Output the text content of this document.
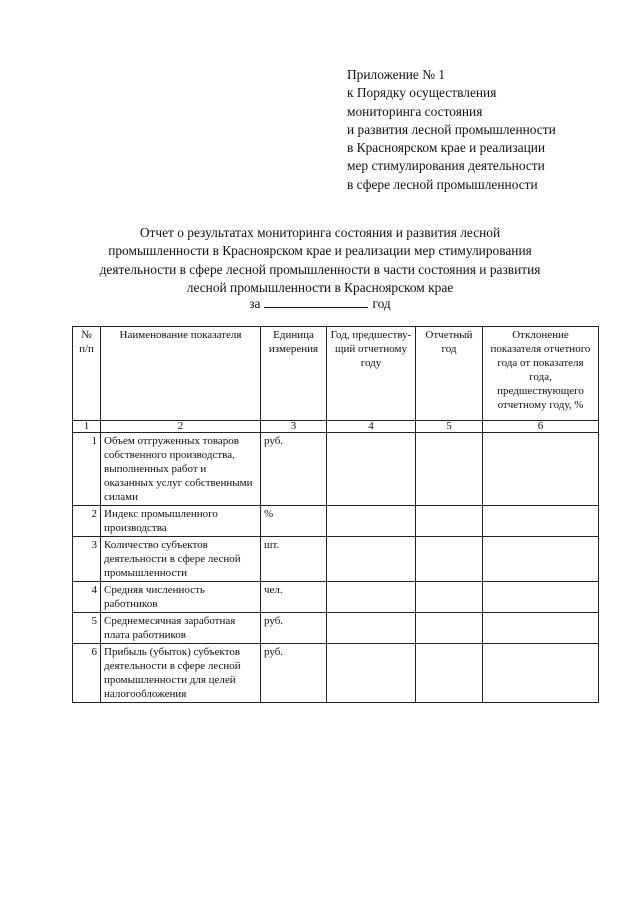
Приложение № 1
к Порядку осуществления
мониторинга состояния
и развития лесной промышленности
в Красноярском крае и реализации
мер стимулирования деятельности
в сфере лесной промышленности
Отчет о результатах мониторинга состояния и развития лесной
промышленности в Красноярском крае и реализации мер стимулирования
деятельности в сфере лесной промышленности в части состояния и развития
лесной промышленности в Красноярском крае
за	год
№ п/п	Наименование показателя	Единица измерения	Год, предшеству-щий отчетному году	Отчетный год	Отклонение показателя отчетного года от показателя года, предшествующего отчетному году, %
1	2	3	4	5	6
1	Объем отгруженных товаров собственного производства, выполненных работ и оказанных услуг собственными силами	руб.			
2	Индекс промышленного производства	%			
3	Количество субъектов деятельности в сфере лесной промышленности	шт.			
4	Средняя численность работников	чел.			
5	Среднемесячная заработная плата работников	руб.			
6	Прибыль (убыток) субъектов деятельности в сфере лесной промышленности для целей налогообложения	руб.			
